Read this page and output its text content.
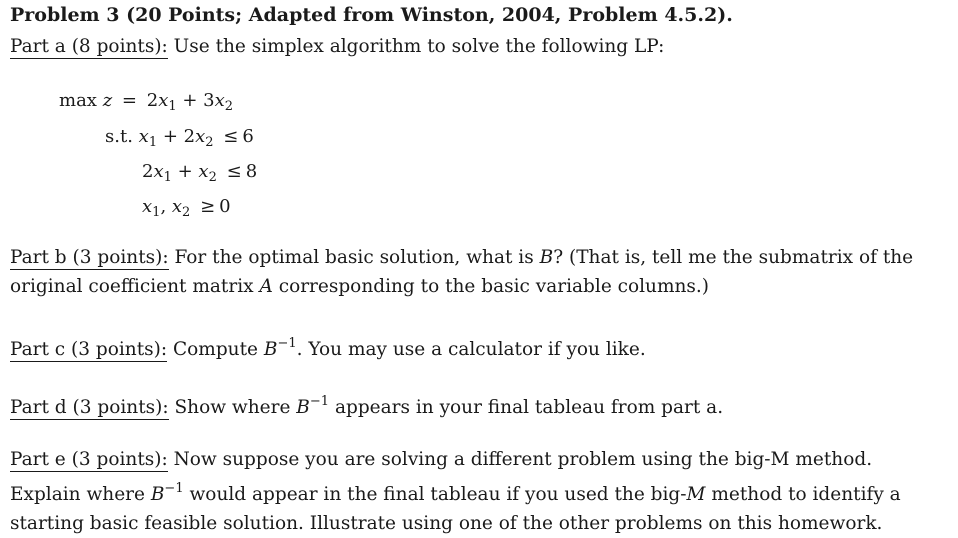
Problem 3 (20 Points; Adapted from Winston, 2004, Problem 4.5.2).
Part a (8 points): Use the simplex algorithm to solve the following LP:
$\max z = 2x_1 + 3x_2$
s.t. $x_1 + 2x_2 \le 6$
$2x_1 + x_2 \le 8$
$x_1$, $x_2 \ge 0$
Part b (3 points): For the optimal basic solution, what is B? (That is, tell me the submatrix of the original coefficient matrix A corresponding to the basic variable columns.)
Part c (3 points): Compute $B^{-1}$. You may use a calculator if you like.
Part d (3 points): Show where $B^{-1}$ appears in your final tableau from part a.
Part e (3 points): Now suppose you are solving a different problem using the big-M method. Explain where $B^{-1}$ would appear in the final tableau if you used the big-M method to identify a starting basic feasible solution. Illustrate using one of the other problems on this homework.
